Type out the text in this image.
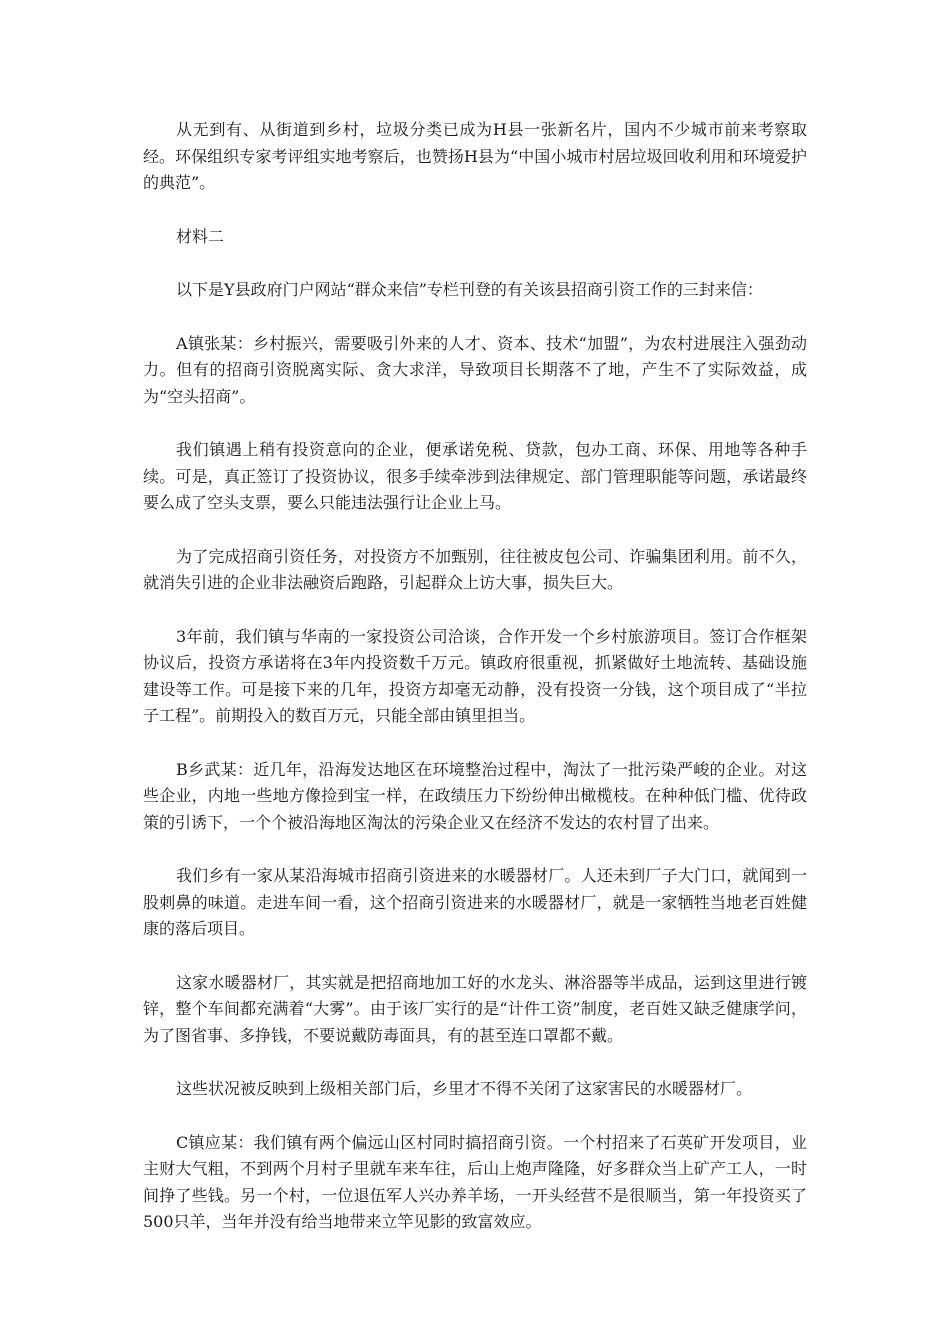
从无到有、从街道到乡村，垃圾分类已成为H县一张新名片，国内不少城市前来考察取经。环保组织专家考评组实地考察后，也赞扬H县为“中国小城市村居垃圾回收利用和环境爱护的典范”。

材料二

以下是Y县政府门户网站“群众来信”专栏刊登的有关该县招商引资工作的三封来信：

A镇张某：乡村振兴，需要吸引外来的人才、资本、技术“加盟”，为农村进展注入强劲动力。但有的招商引资脱离实际、贪大求洋，导致项目长期落不了地，产生不了实际效益，成为“空头招商”。

我们镇遇上稍有投资意向的企业，便承诺免税、贷款，包办工商、环保、用地等各种手续。可是，真正签订了投资协议，很多手续牵涉到法律规定、部门管理职能等问题，承诺最终要么成了空头支票，要么只能违法强行让企业上马。

为了完成招商引资任务，对投资方不加甄别，往往被皮包公司、诈骗集团利用。前不久，就消失引进的企业非法融资后跑路，引起群众上访大事，损失巨大。

3年前，我们镇与华南的一家投资公司洽谈，合作开发一个乡村旅游项目。签订合作框架协议后，投资方承诺将在3年内投资数千万元。镇政府很重视，抓紧做好土地流转、基础设施建设等工作。可是接下来的几年，投资方却毫无动静，没有投资一分钱，这个项目成了“半拉子工程”。前期投入的数百万元，只能全部由镇里担当。

B乡武某：近几年，沿海发达地区在环境整治过程中，淘汰了一批污染严峻的企业。对这些企业，内地一些地方像捡到宝一样，在政绩压力下纷纷伸出橄榄枝。在种种低门槛、优待政策的引诱下，一个个被沿海地区淘汰的污染企业又在经济不发达的农村冒了出来。

我们乡有一家从某沿海城市招商引资进来的水暖器材厂。人还未到厂子大门口，就闻到一股刺鼻的味道。走进车间一看，这个招商引资进来的水暖器材厂，就是一家牺牲当地老百姓健康的落后项目。

这家水暖器材厂，其实就是把招商地加工好的水龙头、淋浴器等半成品，运到这里进行镀锌，整个车间都充满着“大雾”。由于该厂实行的是“计件工资”制度，老百姓又缺乏健康学问，为了图省事、多挣钱，不要说戴防毒面具，有的甚至连口罩都不戴。

这些状况被反映到上级相关部门后，乡里才不得不关闭了这家害民的水暖器材厂。

C镇应某：我们镇有两个偏远山区村同时搞招商引资。一个村招来了石英矿开发项目，业主财大气粗，不到两个月村子里就车来车往，后山上炮声隆隆，好多群众当上矿产工人，一时间挣了些钱。另一个村，一位退伍军人兴办养羊场，一开头经营不是很顺当，第一年投资买了500只羊，当年并没有给当地带来立竿见影的致富效应。
